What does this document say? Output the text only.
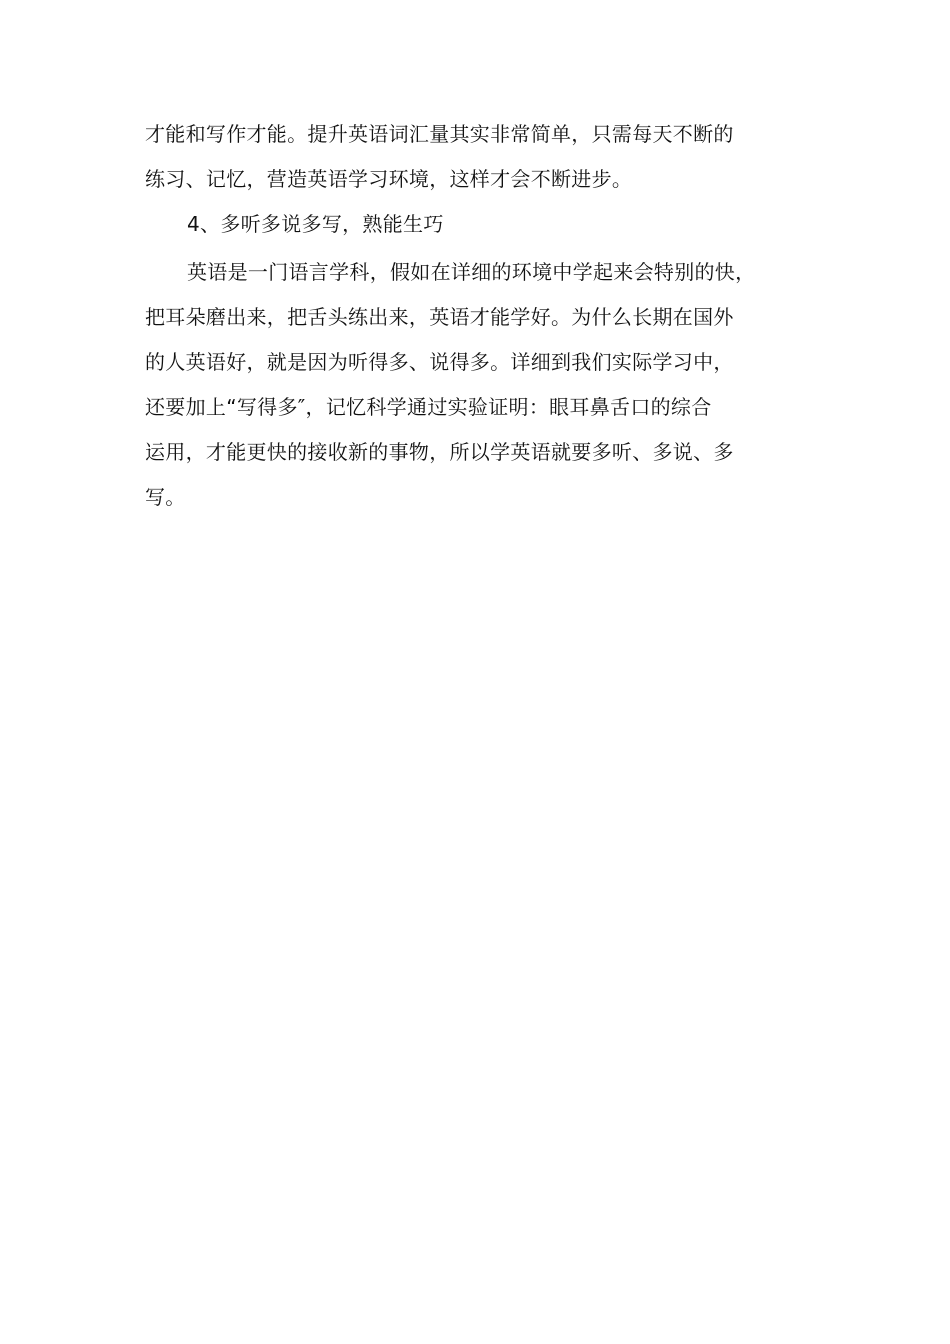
才能和写作才能。提升英语词汇量其实非常简单，只需每天不断的
练习、记忆，营造英语学习环境，这样才会不断进步。
4、多听多说多写，熟能生巧
英语是一门语言学科，假如在详细的环境中学起来会特别的快，
把耳朵磨出来，把舌头练出来，英语才能学好。为什么长期在国外
的人英语好，就是因为听得多、说得多。详细到我们实际学习中，
还要加上“写得多″，记忆科学通过实验证明：眼耳鼻舌口的综合
运用，才能更快的接收新的事物，所以学英语就要多听、多说、多
写。
